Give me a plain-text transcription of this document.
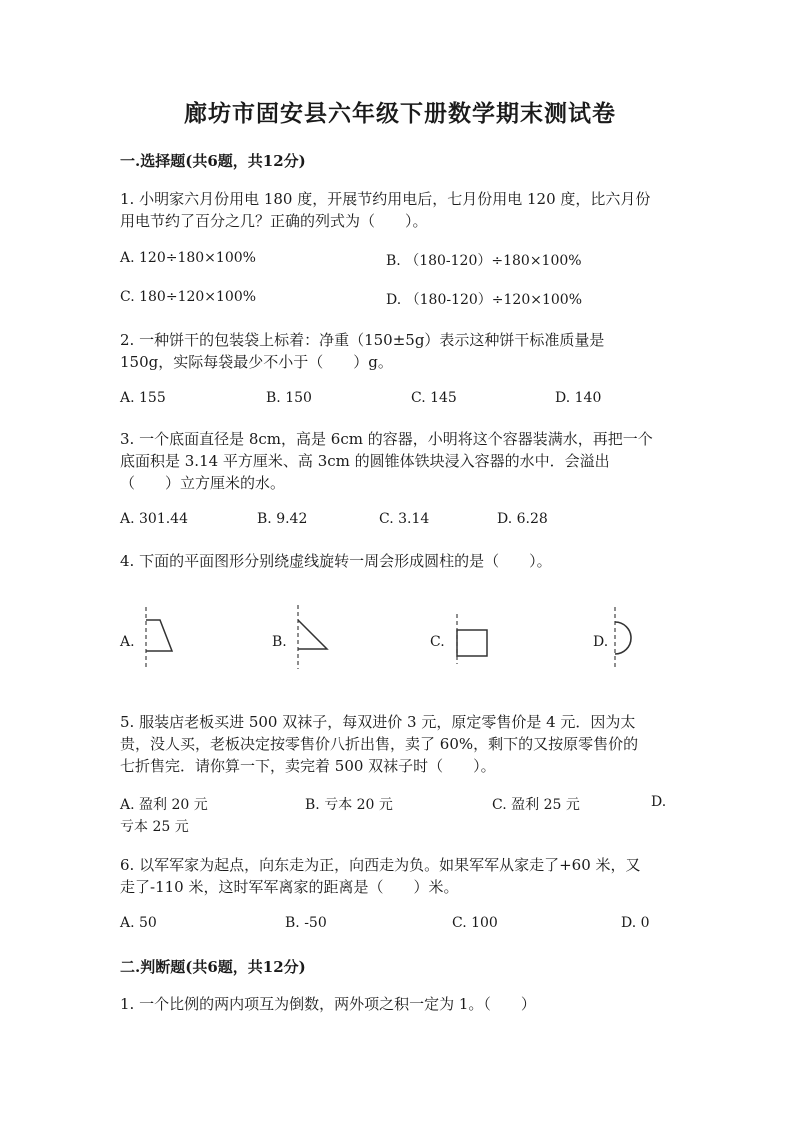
廊坊市固安县六年级下册数学期末测试卷
一.选择题(共6题，共12分)
1. 小明家六月份用电 180 度，开展节约用电后，七月份用电 120 度，比六月份
用电节约了百分之几？正确的列式为（　　）。
A. 120÷180×100%	B. （180-120）÷180×100%
C. 180÷120×100%	D. （180-120）÷120×100%
2. 一种饼干的包装袋上标着：净重（150±5g）表示这种饼干标准质量是
150g，实际每袋最少不小于（　　）g。
A. 155	B. 150	C. 145	D. 140
3. 一个底面直径是 8cm，高是 6cm 的容器，小明将这个容器装满水，再把一个
底面积是 3.14 平方厘米、高 3cm 的圆锥体铁块浸入容器的水中．会溢出
（　　）立方厘米的水。
A. 301.44	B. 9.42	C. 3.14	D. 6.28
4. 下面的平面图形分别绕虚线旋转一周会形成圆柱的是（　　）。
A.	B.	C.	D.
5. 服装店老板买进 500 双袜子，每双进价 3 元，原定零售价是 4 元．因为太
贵，没人买，老板决定按零售价八折出售，卖了 60%，剩下的又按原零售价的
七折售完．请你算一下，卖完着 500 双袜子时（　　）。
A. 盈利 20 元	B. 亏本 20 元	C. 盈利 25 元	D.
亏本 25 元
6. 以军军家为起点，向东走为正，向西走为负。如果军军从家走了+60 米，又
走了-110 米，这时军军离家的距离是（　　）米。
A. 50	B. -50	C. 100	D. 0
二.判断题(共6题，共12分)
1. 一个比例的两内项互为倒数，两外项之积一定为 1。（　　）
